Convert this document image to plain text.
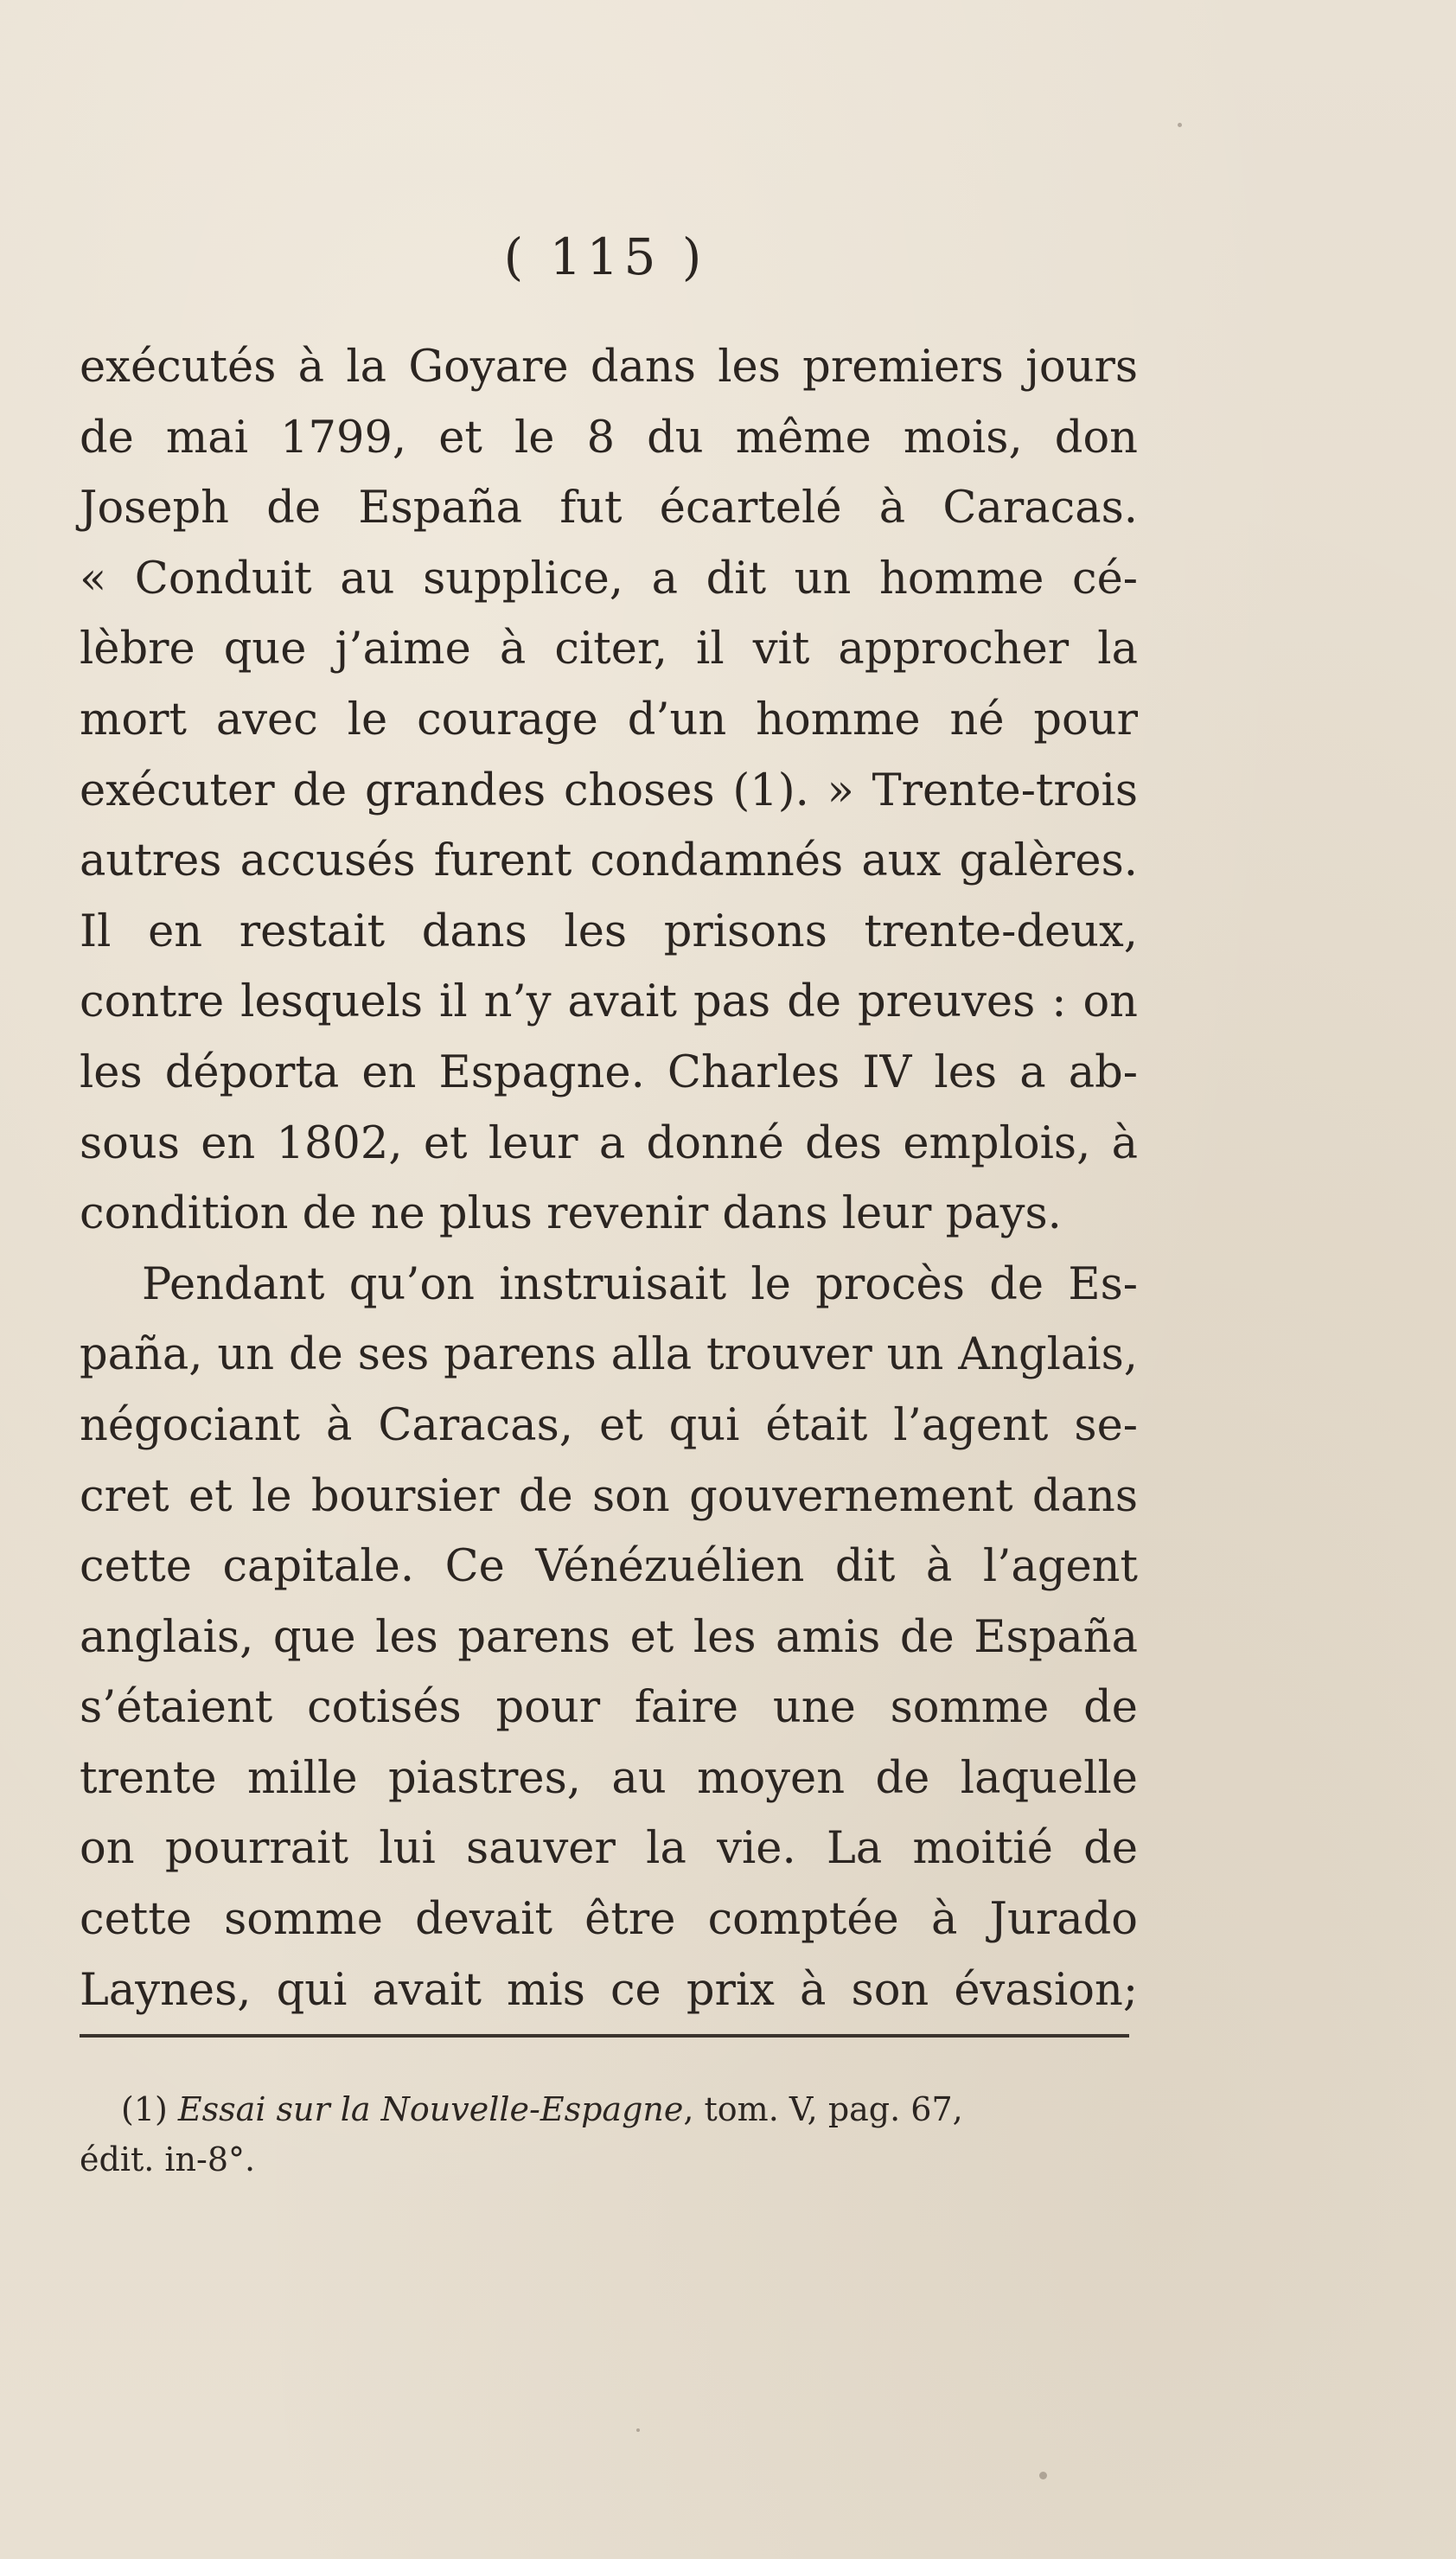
( 115 )
exécutés à la Goyare dans les premiers jours
de mai 1799, et le 8 du même mois, don
Joseph de España fut écartelé à Caracas.
« Conduit au supplice, a dit un homme cé-
lèbre que j’aime à citer, il vit approcher la
mort avec le courage d’un homme né pour
exécuter de grandes choses (1). » Trente-trois
autres accusés furent condamnés aux galères.
Il en restait dans les prisons trente-deux,
contre lesquels il n’y avait pas de preuves : on
les déporta en Espagne. Charles IV les a ab-
sous en 1802, et leur a donné des emplois, à
condition de ne plus revenir dans leur pays.
Pendant qu’on instruisait le procès de Es-
paña, un de ses parens alla trouver un Anglais,
négociant à Caracas, et qui était l’agent se-
cret et le boursier de son gouvernement dans
cette capitale. Ce Vénézuélien dit à l’agent
anglais, que les parens et les amis de España
s’étaient cotisés pour faire une somme de
trente mille piastres, au moyen de laquelle
on pourrait lui sauver la vie. La moitié de
cette somme devait être comptée à Jurado
Laynes, qui avait mis ce prix à son évasion;
(1) Essai sur la Nouvelle-Espagne, tom. V, pag. 67,
édit. in-8°.
